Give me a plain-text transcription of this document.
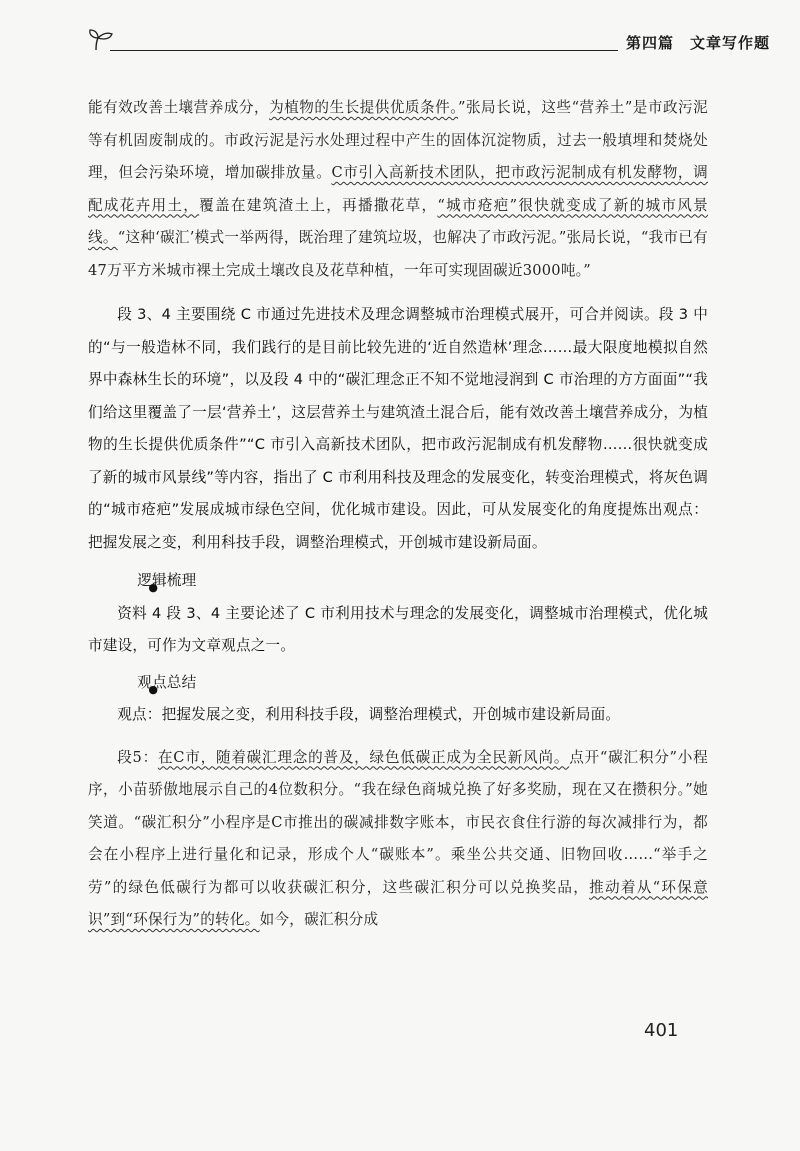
第四篇　文章写作题

能有效改善土壤营养成分，为植物的生长提供优质条件。”张局长说，这些“营养土”是市政污泥等有机固废制成的。市政污泥是污水处理过程中产生的固体沉淀物质，过去一般填埋和焚烧处理，但会污染环境，增加碳排放量。C市引入高新技术团队，把市政污泥制成有机发酵物，调配成花卉用土，覆盖在建筑渣土上，再播撒花草，“城市疮疤”很快就变成了新的城市风景线。“这种‘碳汇’模式一举两得，既治理了建筑垃圾，也解决了市政污泥。”张局长说，“我市已有47万平方米城市裸土完成土壤改良及花草种植，一年可实现固碳近3000吨。”

段 3、4 主要围绕 C 市通过先进技术及理念调整城市治理模式展开，可合并阅读。段 3 中的“与一般造林不同，我们践行的是目前比较先进的‘近自然造林’理念……最大限度地模拟自然界中森林生长的环境”，以及段 4 中的“碳汇理念正不知不觉地浸润到 C 市治理的方方面面”“我们给这里覆盖了一层‘营养土’，这层营养土与建筑渣土混合后，能有效改善土壤营养成分，为植物的生长提供优质条件”“C 市引入高新技术团队，把市政污泥制成有机发酵物……很快就变成了新的城市风景线”等内容，指出了 C 市利用科技及理念的发展变化，转变治理模式，将灰色调的“城市疮疤”发展成城市绿色空间，优化城市建设。因此，可从发展变化的角度提炼出观点：把握发展之变，利用科技手段，调整治理模式，开创城市建设新局面。

● 逻辑梳理

资料 4 段 3、4 主要论述了 C 市利用技术与理念的发展变化，调整城市治理模式，优化城市建设，可作为文章观点之一。

● 观点总结

观点：把握发展之变，利用科技手段，调整治理模式，开创城市建设新局面。

段5：在C市，随着碳汇理念的普及，绿色低碳正成为全民新风尚。点开“碳汇积分”小程序，小苗骄傲地展示自己的4位数积分。“我在绿色商城兑换了好多奖励，现在又在攒积分。”她笑道。“碳汇积分”小程序是C市推出的碳减排数字账本，市民衣食住行游的每次减排行为，都会在小程序上进行量化和记录，形成个人“碳账本”。乘坐公共交通、旧物回收……“举手之劳”的绿色低碳行为都可以收获碳汇积分，这些碳汇积分可以兑换奖品，推动着从“环保意识”到“环保行为”的转化。如今，碳汇积分成

401
